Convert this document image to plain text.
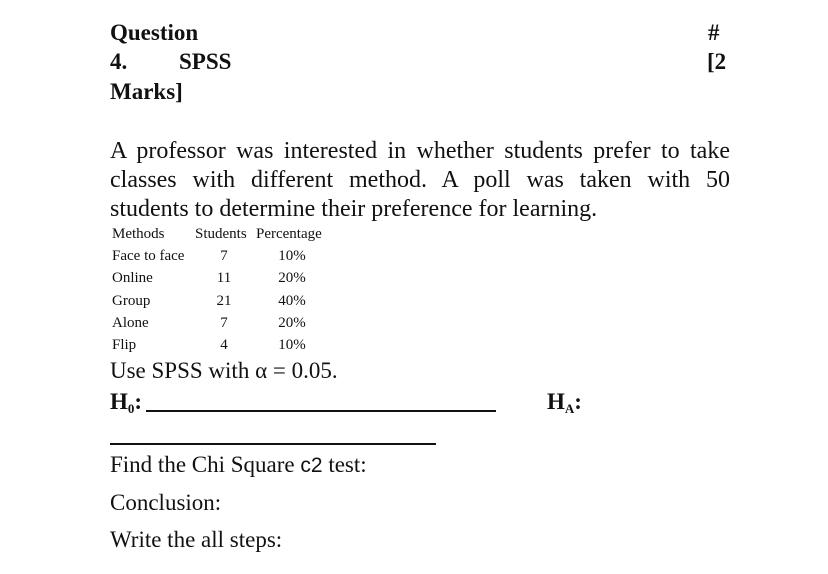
Question	#
4. SPSS	[2
Marks]
A professor was interested in whether students prefer to take
classes with different method. A poll was taken with 50
students to determine their preference for learning.
Methods Students Percentage
Face to face	7	10%
Online	11	20%
Group	21	40%
Alone	7	20%
Flip	4	10%
Use SPSS with α = 0.05.
$H_0$:	$H_A$:
Find the Chi Square c2 test:
Conclusion:
Write the all steps:
